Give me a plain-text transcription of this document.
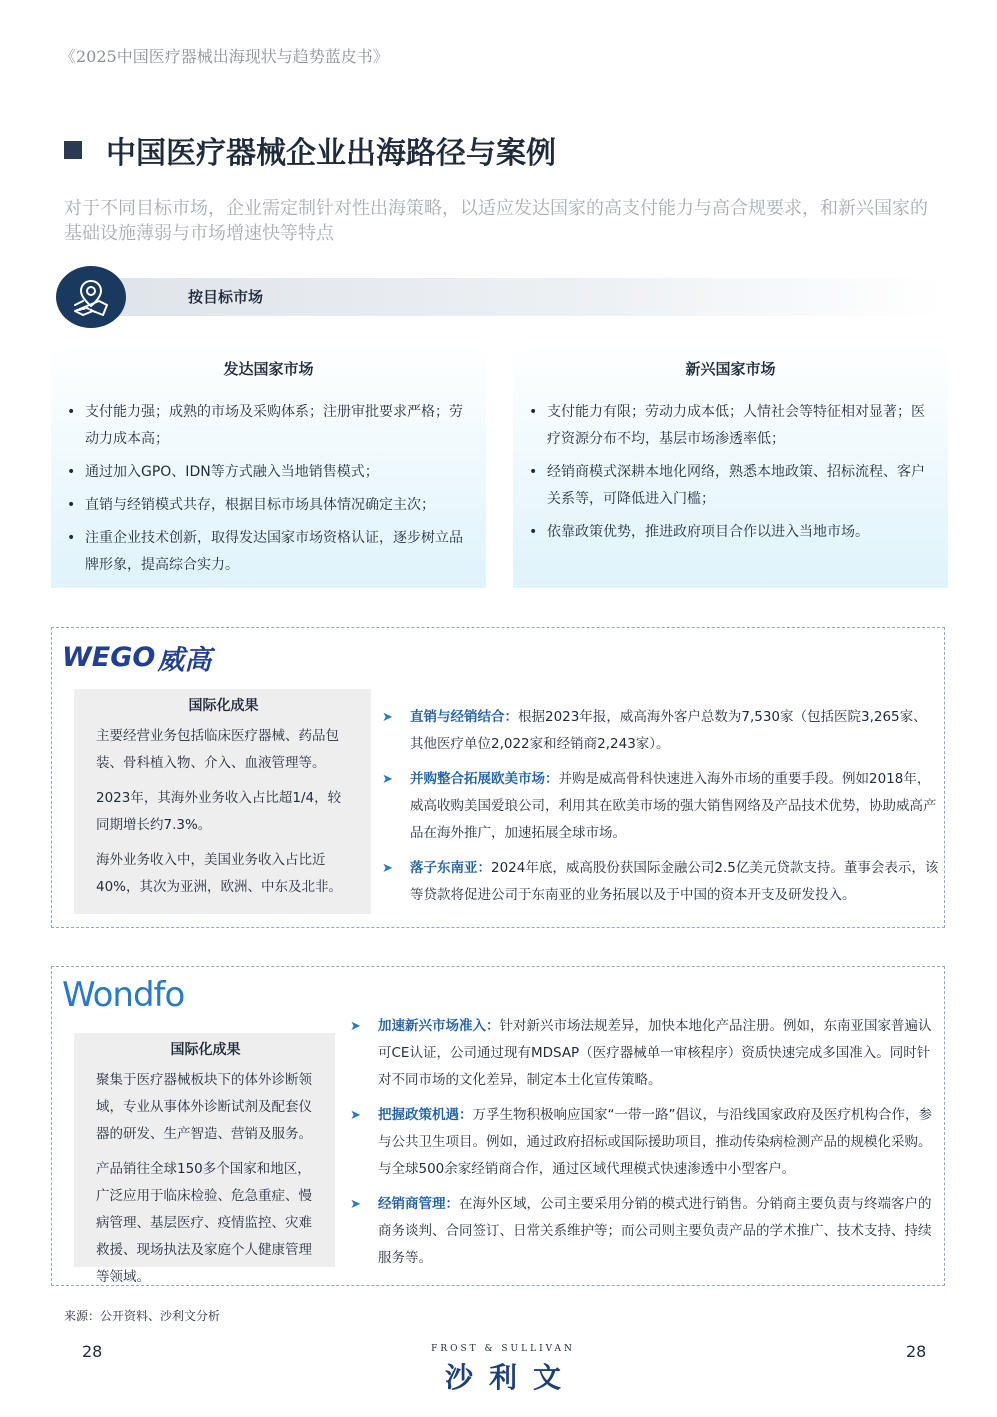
《2025中国医疗器械出海现状与趋势蓝皮书》
中国医疗器械企业出海路径与案例
对于不同目标市场，企业需定制针对性出海策略，以适应发达国家的高支付能力与高合规要求，和新兴国家的基础设施薄弱与市场增速快等特点
按目标市场
发达国家市场
• 支付能力强；成熟的市场及采购体系；注册审批要求严格；劳动力成本高；
• 通过加入GPO、IDN等方式融入当地销售模式；
• 直销与经销模式共存，根据目标市场具体情况确定主次；
• 注重企业技术创新，取得发达国家市场资格认证，逐步树立品牌形象，提高综合实力。
新兴国家市场
• 支付能力有限；劳动力成本低；人情社会等特征相对显著；医疗资源分布不均，基层市场渗透率低；
• 经销商模式深耕本地化网络，熟悉本地政策、招标流程、客户关系等，可降低进入门槛；
• 依靠政策优势，推进政府项目合作以进入当地市场。
WEGO 威高
国际化成果

主要经营业务包括临床医疗器械、药品包装、骨科植入物、介入、血液管理等。

2023年，其海外业务收入占比超1/4，较同期增长约7.3%。

海外业务收入中，美国业务收入占比近40%，其次为亚洲，欧洲、中东及北非。

➤ 直销与经销结合：根据2023年报，威高海外客户总数为7,530家（包括医院3,265家、其他医疗单位2,022家和经销商2,243家）。
➤ 并购整合拓展欧美市场：并购是威高骨科快速进入海外市场的重要手段。例如2018年，威高收购美国爱琅公司，利用其在欧美市场的强大销售网络及产品技术优势，协助威高产品在海外推广，加速拓展全球市场。
➤ 落子东南亚：2024年底，威高股份获国际金融公司2.5亿美元贷款支持。董事会表示，该等贷款将促进公司于东南亚的业务拓展以及于中国的资本开支及研发投入。
Wondfo
国际化成果

聚集于医疗器械板块下的体外诊断领域，专业从事体外诊断试剂及配套仪器的研发、生产智造、营销及服务。

产品销往全球150多个国家和地区，广泛应用于临床检验、危急重症、慢病管理、基层医疗、疫情监控、灾难救援、现场执法及家庭个人健康管理等领域。

➤ 加速新兴市场准入：针对新兴市场法规差异，加快本地化产品注册。例如，东南亚国家普遍认可CE认证，公司通过现有MDSAP（医疗器械单一审核程序）资质快速完成多国准入。同时针对不同市场的文化差异，制定本土化宣传策略。
➤ 把握政策机遇：万孚生物积极响应国家“一带一路”倡议，与沿线国家政府及医疗机构合作，参与公共卫生项目。例如，通过政府招标或国际援助项目，推动传染病检测产品的规模化采购。与全球500余家经销商合作，通过区域代理模式快速渗透中小型客户。
➤ 经销商管理：在海外区域，公司主要采用分销的模式进行销售。分销商主要负责与终端客户的商务谈判、合同签订、日常关系维护等；而公司则主要负责产品的学术推广、技术支持、持续服务等。
来源：公开资料、沙利文分析
28	28
FROST & SULLIVAN
沙利文
